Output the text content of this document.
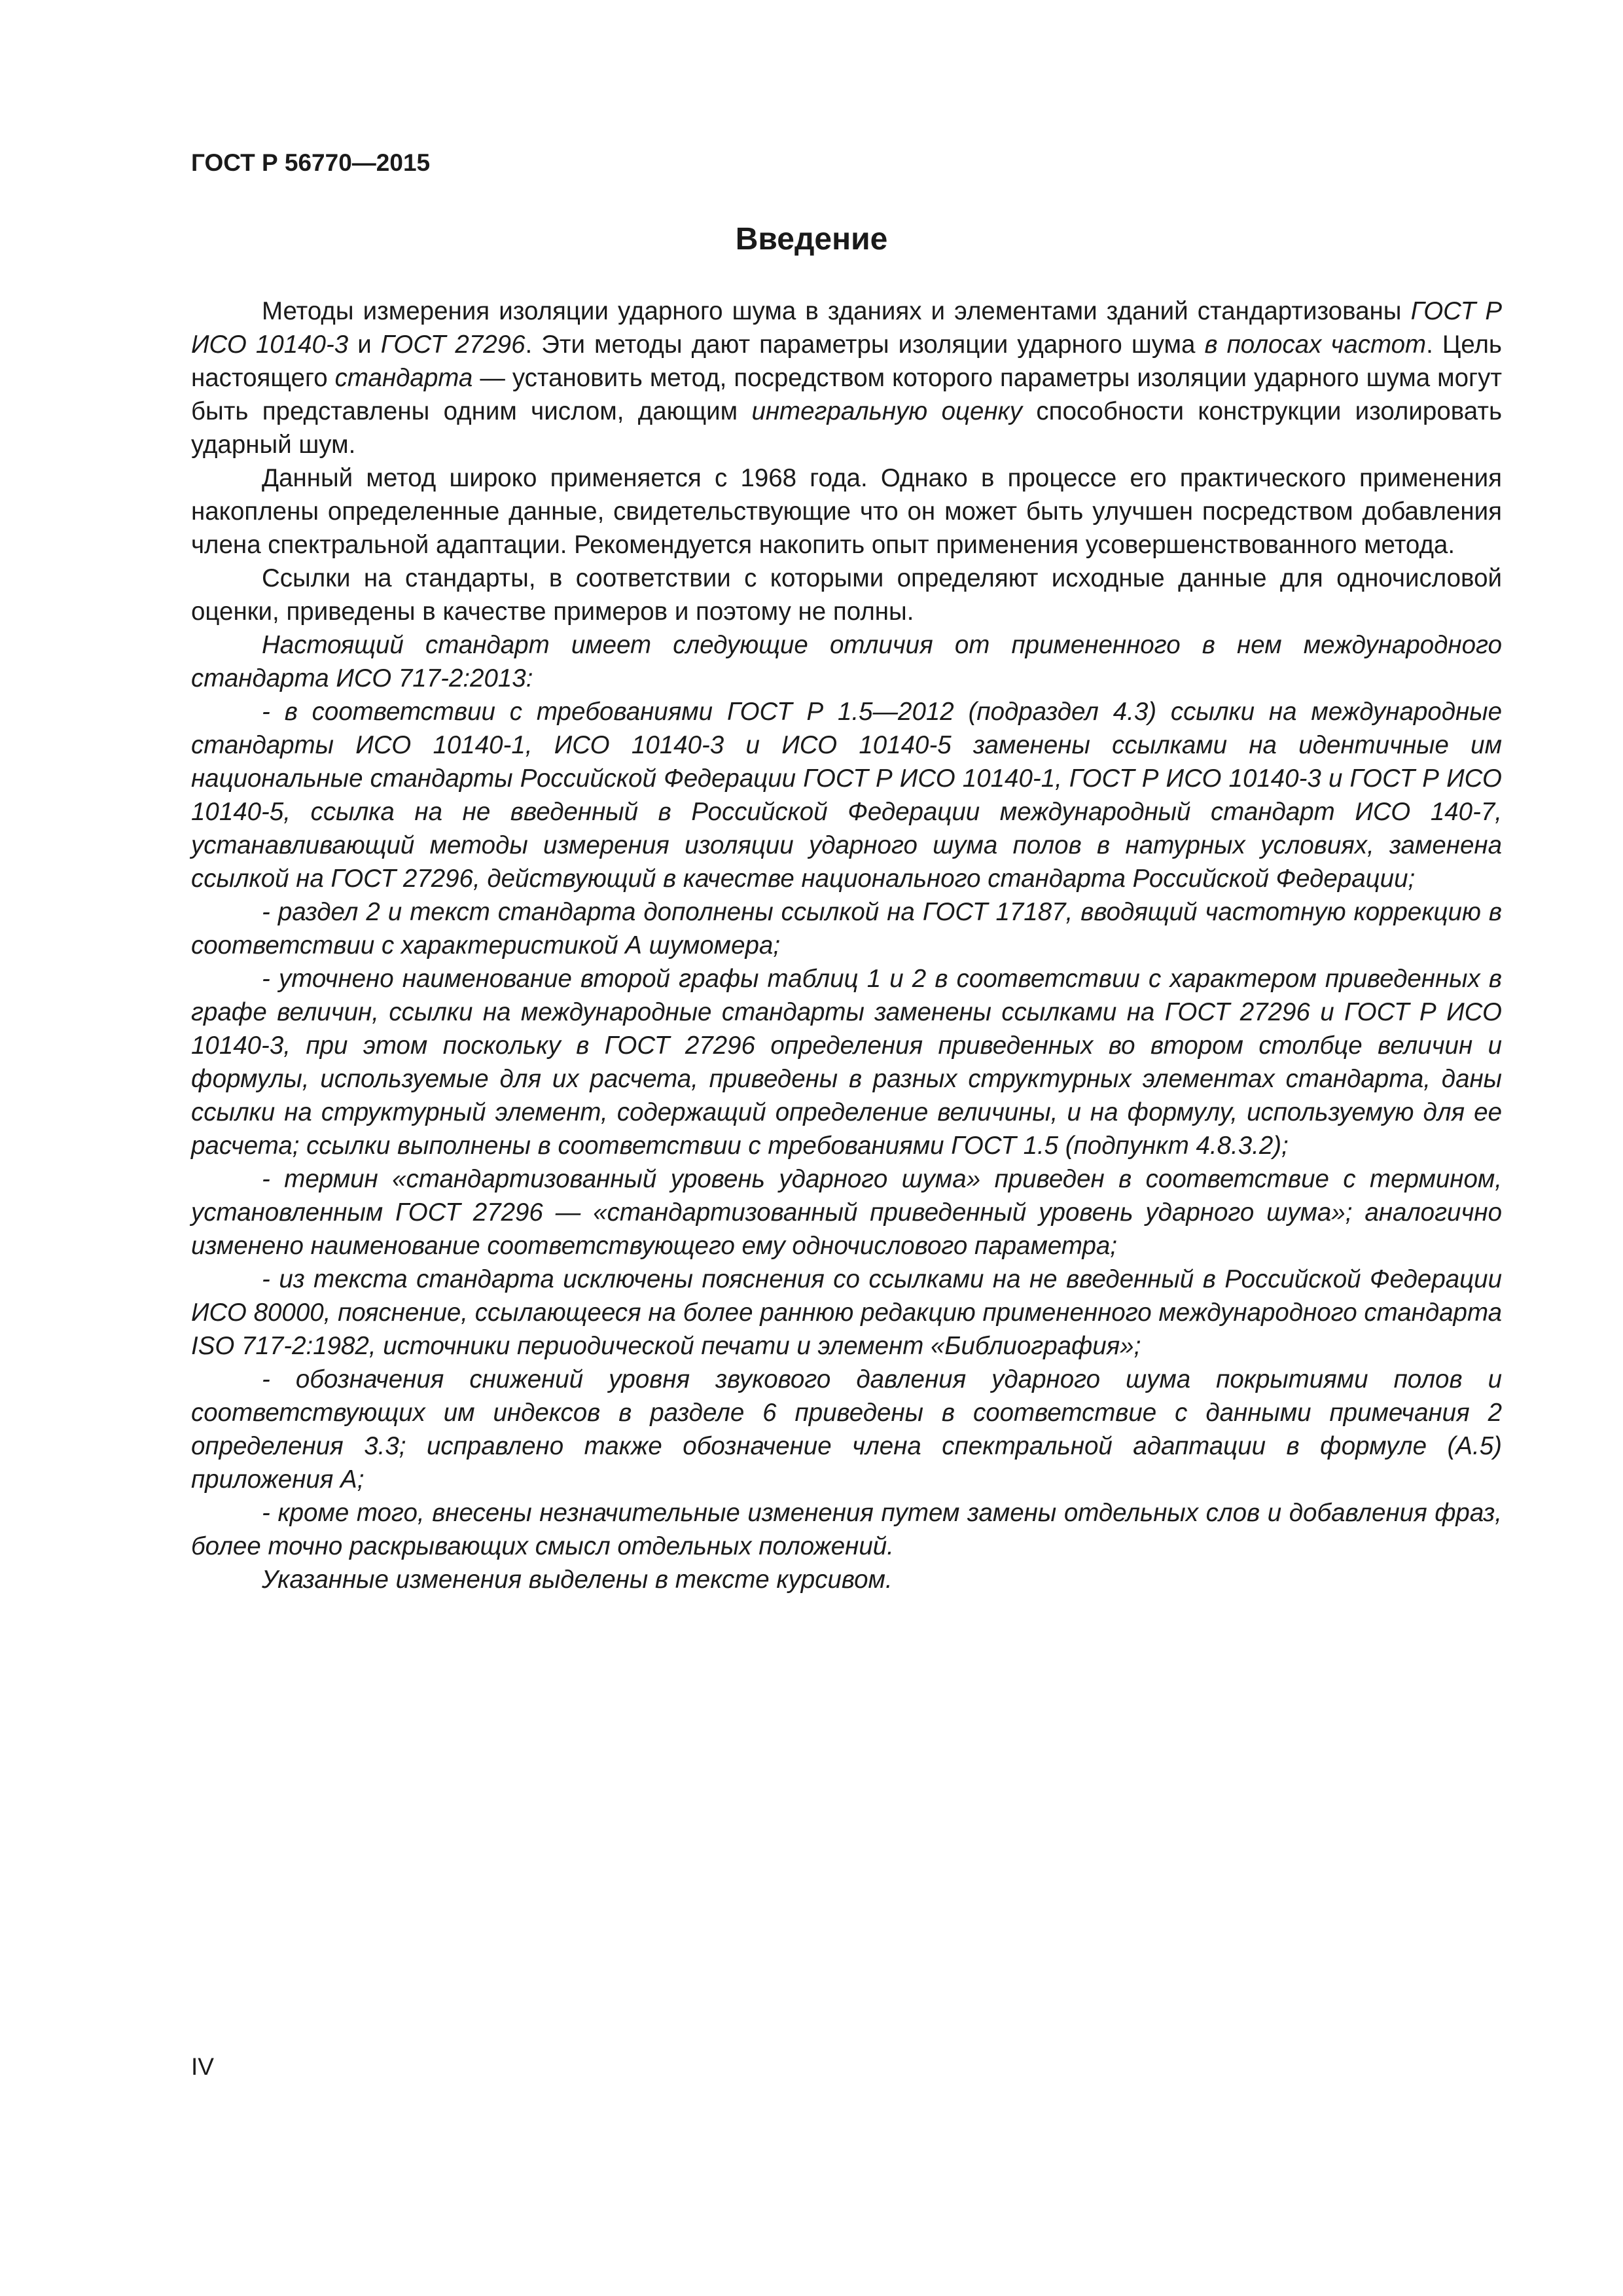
ГОСТ Р 56770—2015

Введение

Методы измерения изоляции ударного шума в зданиях и элементами зданий стандартизованы ГОСТ Р ИСО 10140-3 и ГОСТ 27296. Эти методы дают параметры изоляции ударного шума в полосах частот. Цель настоящего стандарта — установить метод, посредством которого параметры изоляции ударного шума могут быть представлены одним числом, дающим интегральную оценку способности конструкции изолировать ударный шум.

Данный метод широко применяется с 1968 года. Однако в процессе его практического применения накоплены определенные данные, свидетельствующие что он может быть улучшен посредством добавления члена спектральной адаптации. Рекомендуется накопить опыт применения усовершенствованного метода.

Ссылки на стандарты, в соответствии с которыми определяют исходные данные для одночисловой оценки, приведены в качестве примеров и поэтому не полны.

Настоящий стандарт имеет следующие отличия от примененного в нем международного стандарта ИСО 717-2:2013:

- в соответствии с требованиями ГОСТ Р 1.5—2012 (подраздел 4.3) ссылки на международные стандарты ИСО 10140-1, ИСО 10140-3 и ИСО 10140-5 заменены ссылками на идентичные им национальные стандарты Российской Федерации ГОСТ Р ИСО 10140-1, ГОСТ Р ИСО 10140-3 и ГОСТ Р ИСО 10140-5, ссылка на не введенный в Российской Федерации международный стандарт ИСО 140-7, устанавливающий методы измерения изоляции ударного шума полов в натурных условиях, заменена ссылкой на ГОСТ 27296, действующий в качестве национального стандарта Российской Федерации;

- раздел 2 и текст стандарта дополнены ссылкой на ГОСТ 17187, вводящий частотную коррекцию в соответствии с характеристикой А шумомера;

- уточнено наименование второй графы таблиц 1 и 2 в соответствии с характером приведенных в графе величин, ссылки на международные стандарты заменены ссылками на ГОСТ 27296 и ГОСТ Р ИСО 10140-3, при этом поскольку в ГОСТ 27296 определения приведенных во втором столбце величин и формулы, используемые для их расчета, приведены в разных структурных элементах стандарта, даны ссылки на структурный элемент, содержащий определение величины, и на формулу, используемую для ее расчета; ссылки выполнены в соответствии с требованиями ГОСТ 1.5 (подпункт 4.8.3.2);

- термин «стандартизованный уровень ударного шума» приведен в соответствие с термином, установленным ГОСТ 27296 — «стандартизованный приведенный уровень ударного шума»; аналогично изменено наименование соответствующего ему одночислового параметра;

- из текста стандарта исключены пояснения со ссылками на не введенный в Российской Федерации ИСО 80000, пояснение, ссылающееся на более раннюю редакцию примененного международного стандарта ISO 717-2:1982, источники периодической печати и элемент «Библиография»;

- обозначения снижений уровня звукового давления ударного шума покрытиями полов и соответствующих им индексов в разделе 6 приведены в соответствие с данными примечания 2 определения 3.3; исправлено также обозначение члена спектральной адаптации в формуле (А.5) приложения А;

- кроме того, внесены незначительные изменения путем замены отдельных слов и добавления фраз, более точно раскрывающих смысл отдельных положений.

Указанные изменения выделены в тексте курсивом.

IV
